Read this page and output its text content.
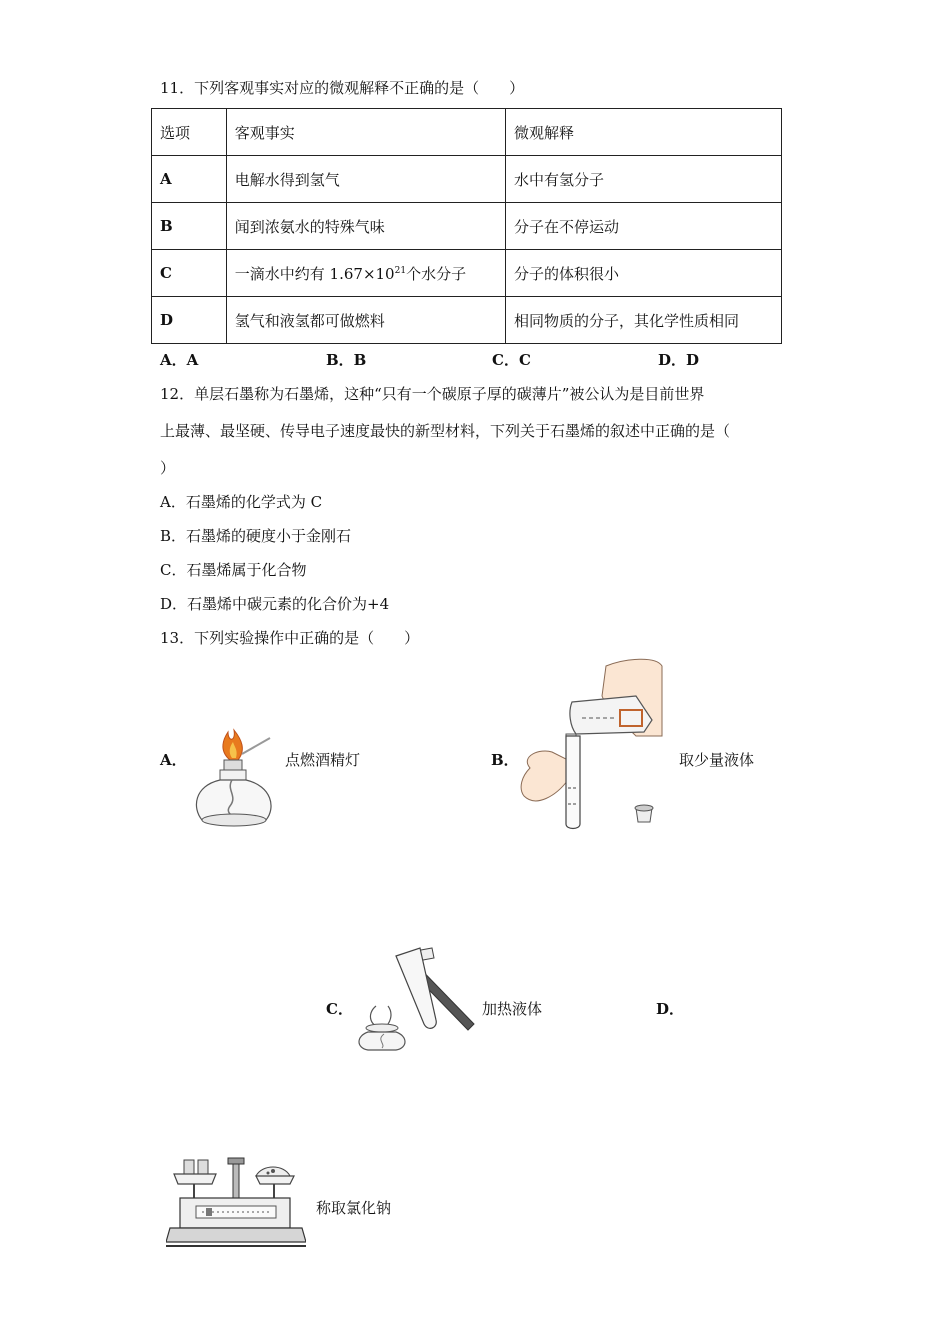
11．下列客观事实对应的微观解释不正确的是（　　）
选项	客观事实	微观解释
A	电解水得到氢气	水中有氢分子
B	闻到浓氨水的特殊气味	分子在不停运动
C	一滴水中约有 $1.67\times 10^{21}$个水分子	分子的体积很小
D	氢气和液氢都可做燃料	相同物质的分子，其化学性质相同
A．A	B．B	C．C	D．D
12．单层石墨称为石墨烯，这种“只有一个碳原子厚的碳薄片”被公认为是目前世界
上最薄、最坚硬、传导电子速度最快的新型材料，下列关于石墨烯的叙述中正确的是（
）
A．石墨烯的化学式为 C
B．石墨烯的硬度小于金刚石
C．石墨烯属于化合物
D．石墨烯中碳元素的化合价为+4
13．下列实验操作中正确的是（　　）
A．	点燃酒精灯	B．	取少量液体
C．	加热液体	D．
称取氯化钠
